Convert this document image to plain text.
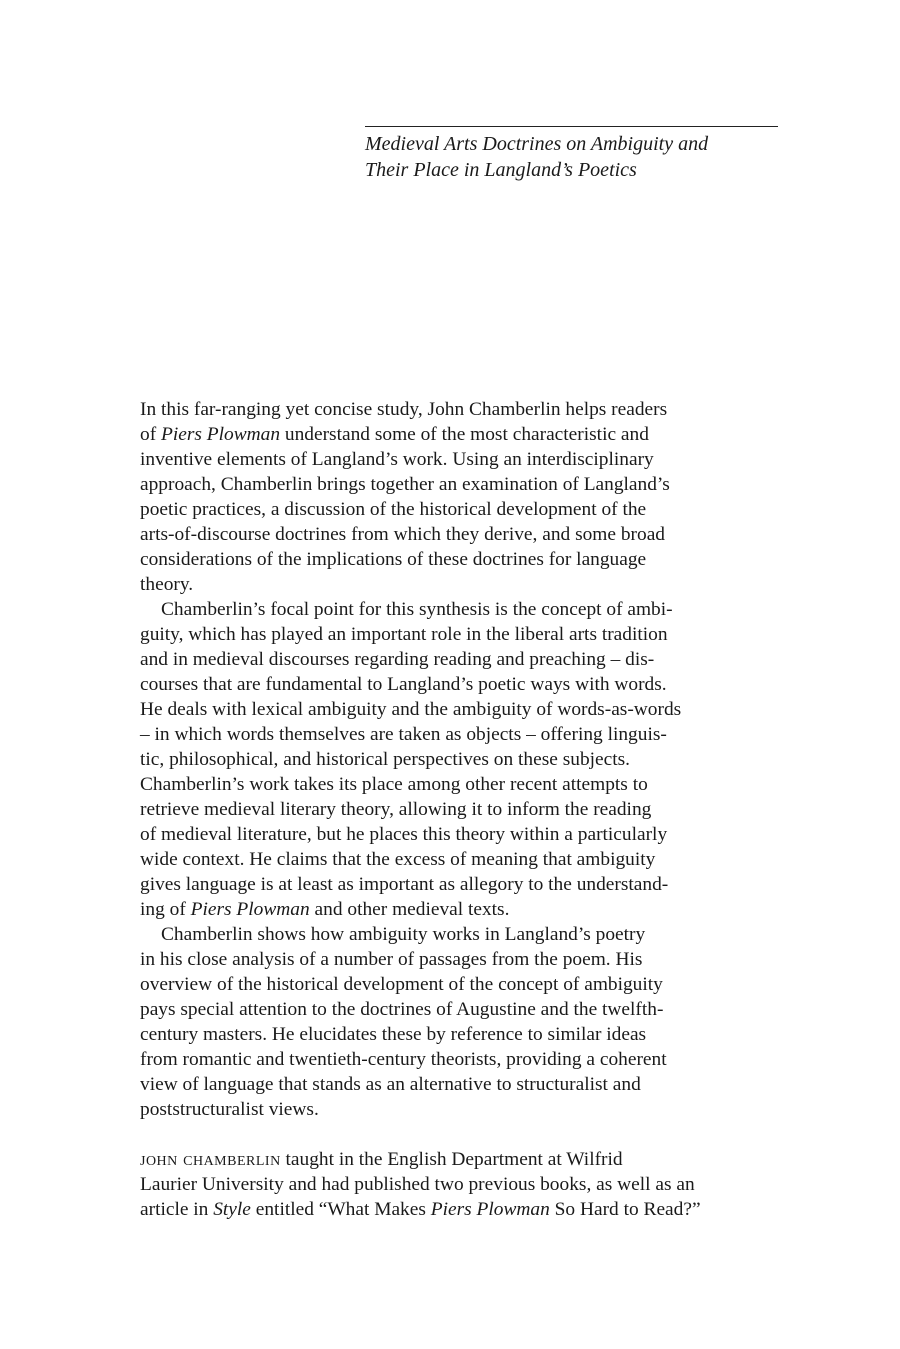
Medieval Arts Doctrines on Ambiguity and
Their Place in Langland’s Poetics
In this far-ranging yet concise study, John Chamberlin helps readers
of Piers Plowman understand some of the most characteristic and
inventive elements of Langland’s work. Using an interdisciplinary
approach, Chamberlin brings together an examination of Langland’s
poetic practices, a discussion of the historical development of the
arts-of-discourse doctrines from which they derive, and some broad
considerations of the implications of these doctrines for language
theory.
Chamberlin’s focal point for this synthesis is the concept of ambi-
guity, which has played an important role in the liberal arts tradition
and in medieval discourses regarding reading and preaching – dis-
courses that are fundamental to Langland’s poetic ways with words.
He deals with lexical ambiguity and the ambiguity of words-as-words
– in which words themselves are taken as objects – offering linguis-
tic, philosophical, and historical perspectives on these subjects.
Chamberlin’s work takes its place among other recent attempts to
retrieve medieval literary theory, allowing it to inform the reading
of medieval literature, but he places this theory within a particularly
wide context. He claims that the excess of meaning that ambiguity
gives language is at least as important as allegory to the understand-
ing of Piers Plowman and other medieval texts.
Chamberlin shows how ambiguity works in Langland’s poetry
in his close analysis of a number of passages from the poem. His
overview of the historical development of the concept of ambiguity
pays special attention to the doctrines of Augustine and the twelfth-
century masters. He elucidates these by reference to similar ideas
from romantic and twentieth-century theorists, providing a coherent
view of language that stands as an alternative to structuralist and
poststructuralist views.
john chamberlin taught in the English Department at Wilfrid
Laurier University and had published two previous books, as well as an
article in Style entitled “What Makes Piers Plowman So Hard to Read?”
